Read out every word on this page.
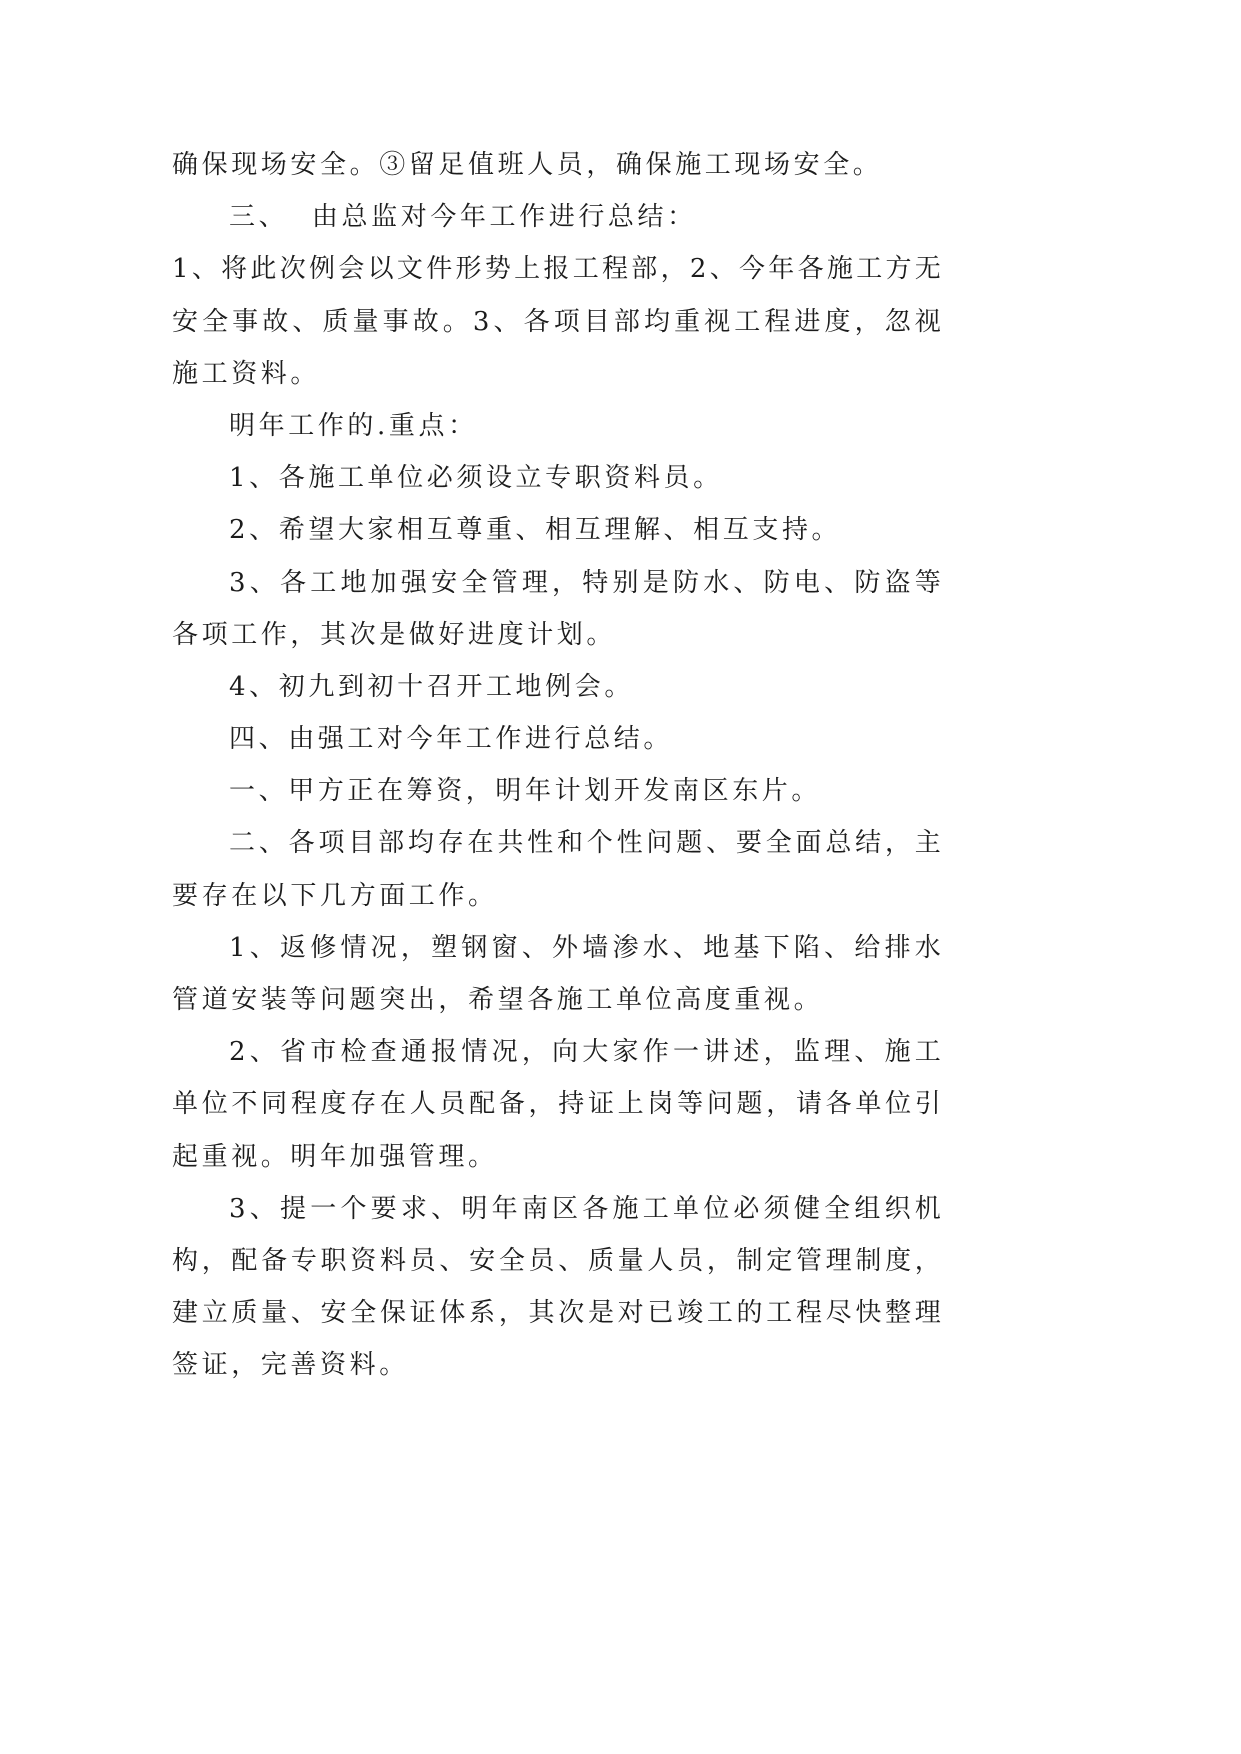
确保现场安全。③留足值班人员，确保施工现场安全。
三、  由总监对今年工作进行总结：
1、将此次例会以文件形势上报工程部，2、今年各施工方无
安全事故、质量事故。3、各项目部均重视工程进度，忽视
施工资料。
明年工作的.重点：
1、各施工单位必须设立专职资料员。
2、希望大家相互尊重、相互理解、相互支持。
3、各工地加强安全管理，特别是防水、防电、防盗等
各项工作，其次是做好进度计划。
4、初九到初十召开工地例会。
四、由强工对今年工作进行总结。
一、甲方正在筹资，明年计划开发南区东片。
二、各项目部均存在共性和个性问题、要全面总结，主
要存在以下几方面工作。
1、返修情况，塑钢窗、外墙渗水、地基下陷、给排水
管道安装等问题突出，希望各施工单位高度重视。
2、省市检查通报情况，向大家作一讲述，监理、施工
单位不同程度存在人员配备，持证上岗等问题，请各单位引
起重视。明年加强管理。
3、提一个要求、明年南区各施工单位必须健全组织机
构，配备专职资料员、安全员、质量人员，制定管理制度，
建立质量、安全保证体系，其次是对已竣工的工程尽快整理
签证，完善资料。
